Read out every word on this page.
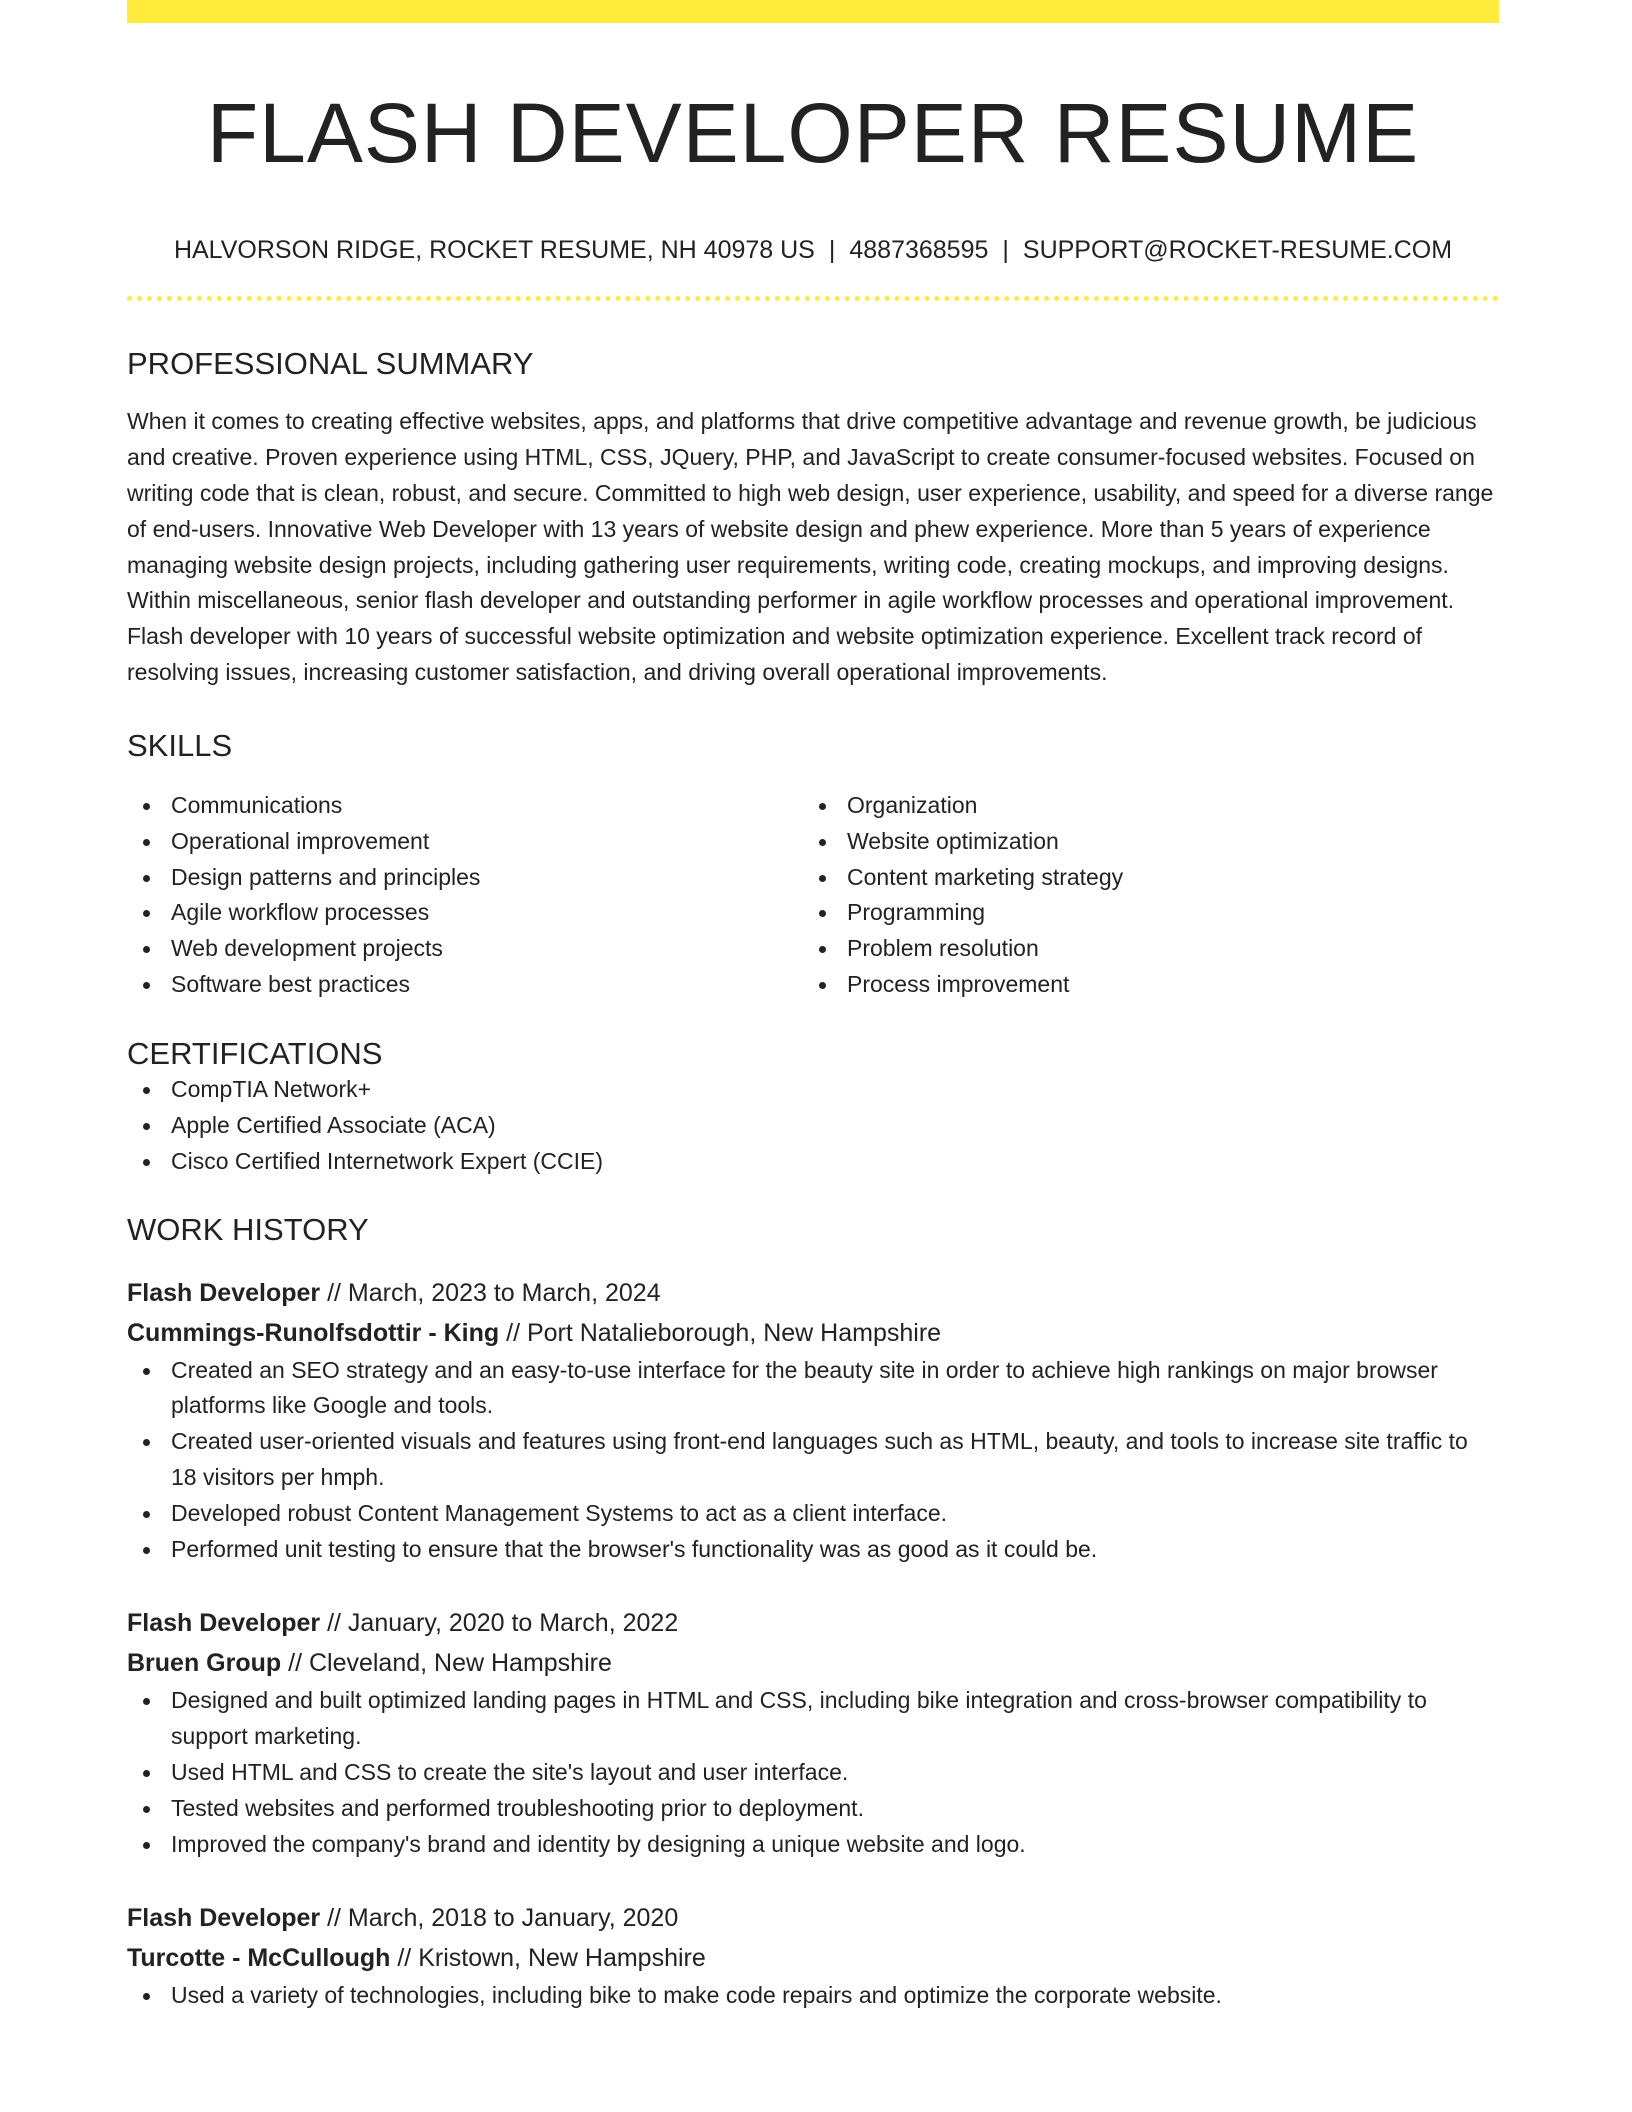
FLASH DEVELOPER RESUME
HALVORSON RIDGE, ROCKET RESUME, NH 40978 US | 4887368595 | SUPPORT@ROCKET-RESUME.COM
PROFESSIONAL SUMMARY

When it comes to creating effective websites, apps, and platforms that drive competitive advantage and revenue growth, be judicious and creative. Proven experience using HTML, CSS, JQuery, PHP, and JavaScript to create consumer-focused websites. Focused on writing code that is clean, robust, and secure. Committed to high web design, user experience, usability, and speed for a diverse range of end-users. Innovative Web Developer with 13 years of website design and phew experience. More than 5 years of experience managing website design projects, including gathering user requirements, writing code, creating mockups, and improving designs. Within miscellaneous, senior flash developer and outstanding performer in agile workflow processes and operational improvement. Flash developer with 10 years of successful website optimization and website optimization experience. Excellent track record of resolving issues, increasing customer satisfaction, and driving overall operational improvements.

SKILLS
Communications
Operational improvement
Design patterns and principles
Agile workflow processes
Web development projects
Software best practices
Organization
Website optimization
Content marketing strategy
Programming
Problem resolution
Process improvement
CERTIFICATIONS
CompTIA Network+
Apple Certified Associate (ACA)
Cisco Certified Internetwork Expert (CCIE)
WORK HISTORY
Flash Developer // March, 2023 to March, 2024
Cummings-Runolfsdottir - King // Port Natalieborough, New Hampshire
Created an SEO strategy and an easy-to-use interface for the beauty site in order to achieve high rankings on major browser platforms like Google and tools.
Created user-oriented visuals and features using front-end languages such as HTML, beauty, and tools to increase site traffic to 18 visitors per hmph.
Developed robust Content Management Systems to act as a client interface.
Performed unit testing to ensure that the browser's functionality was as good as it could be.
Flash Developer // January, 2020 to March, 2022
Bruen Group // Cleveland, New Hampshire
Designed and built optimized landing pages in HTML and CSS, including bike integration and cross-browser compatibility to support marketing.
Used HTML and CSS to create the site's layout and user interface.
Tested websites and performed troubleshooting prior to deployment.
Improved the company's brand and identity by designing a unique website and logo.
Flash Developer // March, 2018 to January, 2020
Turcotte - McCullough // Kristown, New Hampshire
Used a variety of technologies, including bike to make code repairs and optimize the corporate website.
